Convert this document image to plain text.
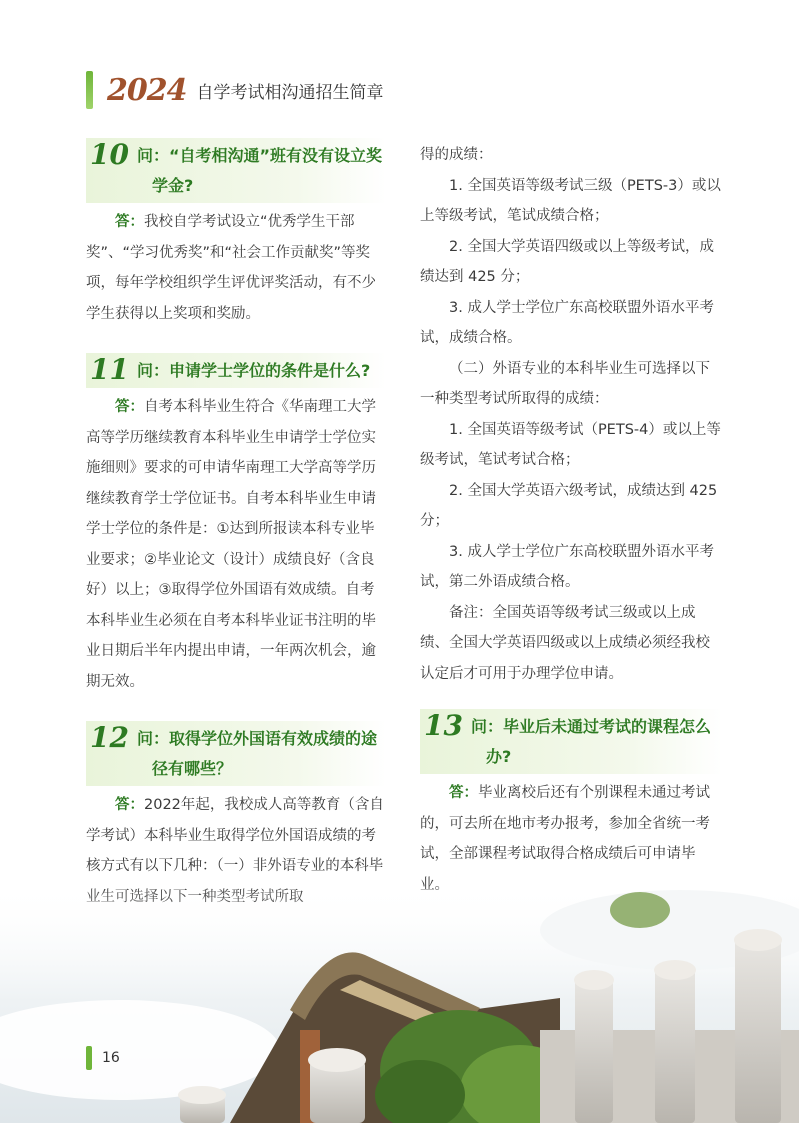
2024 自学考试相沟通招生简章
10 问：“自考相沟通”班有没有设立奖
学金?

答：我校自学考试设立“优秀学生干部奖”、“学习优秀奖”和“社会工作贡献奖”等奖项，每年学校组织学生评优评奖活动，有不少学生获得以上奖项和奖励。

11 问：申请学士学位的条件是什么?

答：自考本科毕业生符合《华南理工大学高等学历继续教育本科毕业生申请学士学位实施细则》要求的可申请华南理工大学高等学历继续教育学士学位证书。自考本科毕业生申请学士学位的条件是：①达到所报读本科专业毕业要求；②毕业论文（设计）成绩良好（含良好）以上；③取得学位外国语有效成绩。自考本科毕业生必须在自考本科毕业证书注明的毕业日期后半年内提出申请，一年两次机会，逾期无效。

12 问：取得学位外国语有效成绩的途
径有哪些？

答：2022年起，我校成人高等教育（含自学考试）本科毕业生取得学位外国语成绩的考核方式有以下几种：（一）非外语专业的本科毕

得的成绩：

1. 全国英语等级考试三级（PETS-3）或以上等级考试，笔试成绩合格；

2. 全国大学英语四级或以上等级考试，成绩达到 425 分；

3. 成人学士学位广东高校联盟外语水平考试，成绩合格。

（二）外语专业的本科毕业生可选择以下一种类型考试所取得的成绩：

1. 全国英语等级考试（PETS-4）或以上等级考试，笔试考试合格；

2. 全国大学英语六级考试，成绩达到 425 分；

3. 成人学士学位广东高校联盟外语水平考试，第二外语成绩合格。

备注：全国英语等级考试三级或以上成绩、全国大学英语四级或以上成绩必须经我校认定后才可用于办理学位申请。

13 问：毕业后未通过考试的课程怎么
办?

答：毕业离校后还有个别课程未通过考试的，可去所在地市考办报考，参加全省统一考试，全部课程考试取得合格成绩后可申请毕

16
